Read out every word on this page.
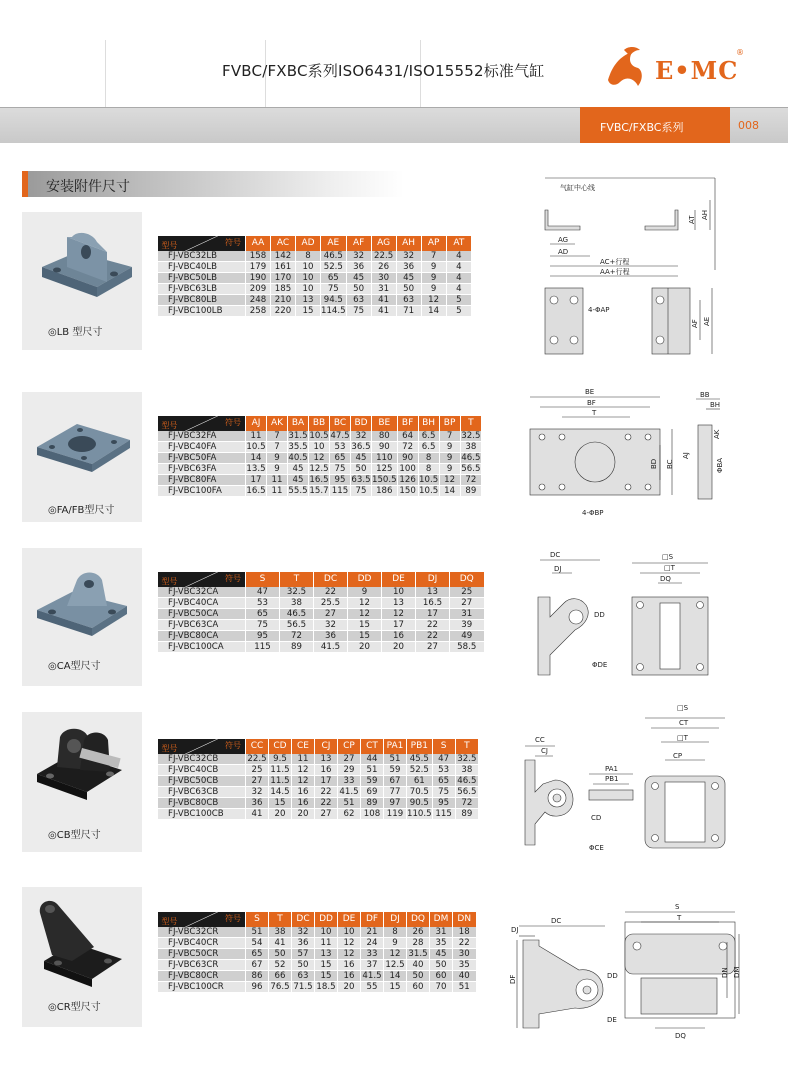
FVBC/FXBC系列ISO6431/ISO15552标准气缸	E•MC
®
FVBC/FXBC系列	008
安装附件尺寸
◎LB 型尺寸
符号
型号	AA	AC	AD	AE	AF	AG	AH	AP	AT
FJ-VBC32LB	158	142	8	46.5	32	22.5	32	7	4
FJ-VBC40LB	179	161	10	52.5	36	26	36	9	4
FJ-VBC50LB	190	170	10	65	45	30	45	9	4
FJ-VBC63LB	209	185	10	75	50	31	50	9	4
FJ-VBC80LB	248	210	13	94.5	63	41	63	12	5
FJ-VBC100LB	258	220	15	114.5	75	41	71	14	5
气缸中心线
AT AH
AG
AD
AC+行程
AA+行程
4-ΦAP
AF AE
◎FA/FB型尺寸
符号
型号	AJ	AK	BA	BB	BC	BD	BE	BF	BH	BP	T
FJ-VBC32FA	11	7	31.5	10.5	47.5	32	80	64	6.5	7	32.5
FJ-VBC40FA	10.5	7	35.5	10	53	36.5	90	72	6.5	9	38
FJ-VBC50FA	14	9	40.5	12	65	45	110	90	8	9	46.5
FJ-VBC63FA	13.5	9	45	12.5	75	50	125	100	8	9	56.5
FJ-VBC80FA	17	11	45	16.5	95	63.5	150.5	126	10.5	12	72
FJ-VBC100FA	16.5	11	55.5	15.7	115	75	186	150	10.5	14	89
BE
BF
T
BB
BH
AJ
AK
BD BC	ΦBA
4-ΦBP
◎CA型尺寸
符号
型号	S	T	DC	DD	DE	DJ	DQ
FJ-VBC32CA	47	32.5	22	9	10	13	25
FJ-VBC40CA	53	38	25.5	12	13	16.5	27
FJ-VBC50CA	65	46.5	27	12	12	17	31
FJ-VBC63CA	75	56.5	32	15	17	22	39
FJ-VBC80CA	95	72	36	15	16	22	49
FJ-VBC100CA	115	89	41.5	20	20	27	58.5
DC
DJ
DD
ΦDE
□S
□T
DQ
◎CB型尺寸
符号
型号	CC	CD	CE	CJ	CP	CT	PA1	PB1	S	T
FJ-VBC32CB	22.5	9.5	11	13	27	44	51	45.5	47	32.5
FJ-VBC40CB	25	11.5	12	16	29	51	59	52.5	53	38
FJ-VBC50CB	27	11.5	12	17	33	59	67	61	65	46.5
FJ-VBC63CB	32	14.5	16	22	41.5	69	77	70.5	75	56.5
FJ-VBC80CB	36	15	16	22	51	89	97	90.5	95	72
FJ-VBC100CB	41	20	20	27	62	108	119	110.5	115	89
CC
CJ
PA1
PB1
CD
ΦCE
□S
CT
□T
CP
◎CR型尺寸
符号
型号	S	T	DC	DD	DE	DF	DJ	DQ	DM	DN
FJ-VBC32CR	51	38	32	10	10	21	8	26	31	18
FJ-VBC40CR	54	41	36	11	12	24	9	28	35	22
FJ-VBC50CR	65	50	57	13	12	33	12	31.5	45	30
FJ-VBC63CR	67	52	50	15	16	37	12.5	40	50	35
FJ-VBC80CR	86	66	63	15	16	41.5	14	50	60	40
FJ-VBC100CR	96	76.5	71.5	18.5	20	55	15	60	70	51
DJ
DC
DF	DD
DE
S
T
DN DM
DQ
